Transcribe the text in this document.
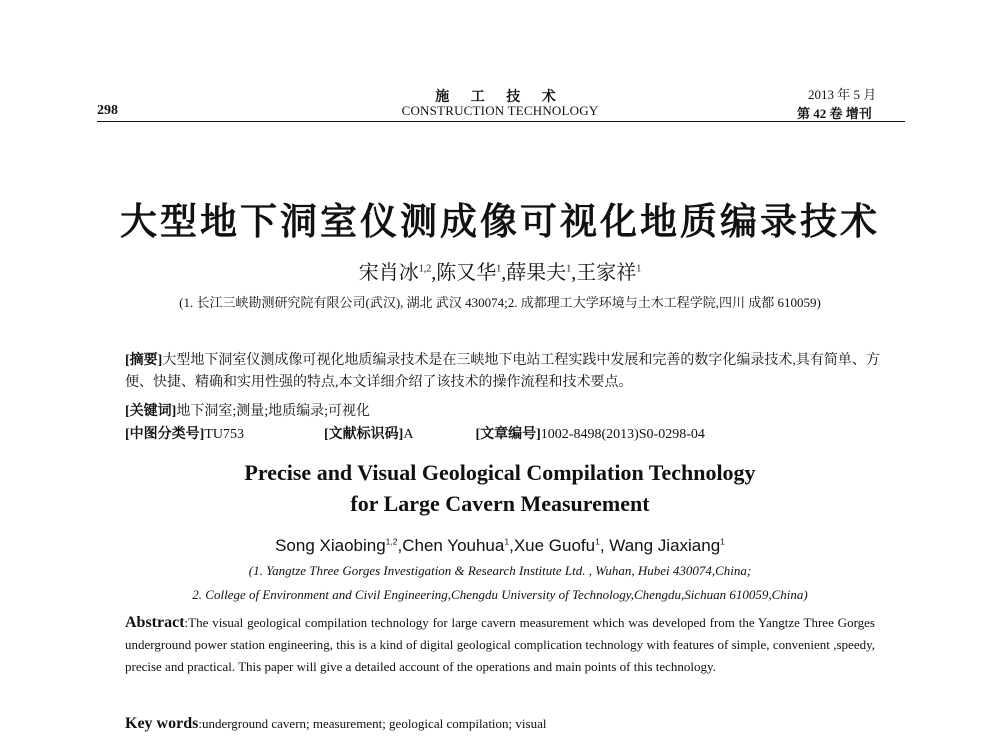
298
施 工 技 术
CONSTRUCTION TECHNOLOGY
2013 年 5 月
第 42 卷 增刊
大型地下洞室仪测成像可视化地质编录技术
宋肖冰$^{1,2}$,陈又华$^1$,薛果夫$^1$,王家祥$^1$
(1. 长江三峡勘测研究院有限公司(武汉), 湖北 武汉 430074;2. 成都理工大学环境与土木工程学院,四川 成都 610059)
[摘要]大型地下洞室仪测成像可视化地质编录技术是在三峡地下电站工程实践中发展和完善的数字化编录技术,具有简单、方便、快捷、精确和实用性强的特点,本文详细介绍了该技术的操作流程和技术要点。
[关键词]地下洞室;测量;地质编录;可视化
[中图分类号]TU753	[文献标识码]A	[文章编号]1002-8498(2013)S0-0298-04
Precise and Visual Geological Compilation Technology
for Large Cavern Measurement
Song Xiaobing$^{1,2}$,Chen Youhua$^1$,Xue Guofu$^1$, Wang Jiaxiang$^1$
(1. Yangtze Three Gorges Investigation & Research Institute Ltd. , Wuhan, Hubei 430074,China;
2. College of Environment and Civil Engineering,Chengdu University of Technology,Chengdu,Sichuan 610059,China)
Abstract:The visual geological compilation technology for large cavern measurement which was developed from the Yangtze Three Gorges underground power station engineering, this is a kind of digital geological complication technology with features of simple, convenient ,speedy, precise and practical. This paper will give a detailed account of the operations and main points of this technology.
Key words:underground cavern; measurement; geological compilation; visual
